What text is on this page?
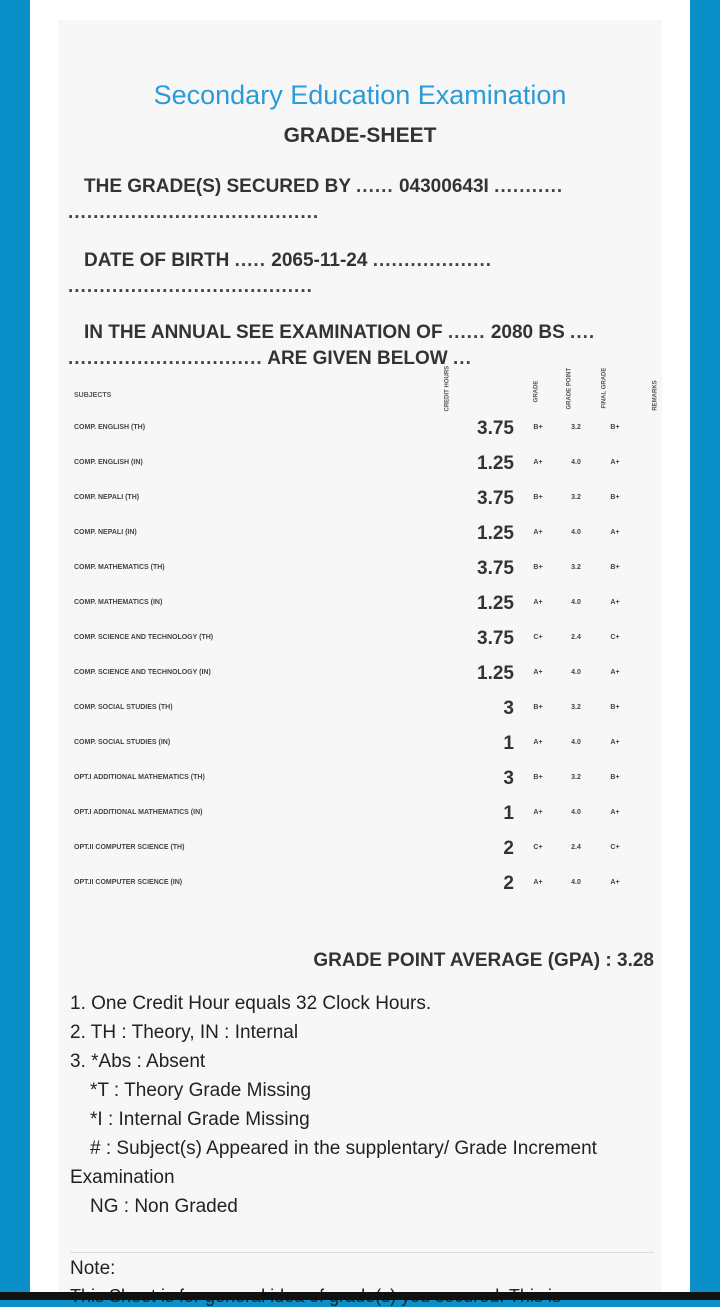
Secondary Education Examination
GRADE-SHEET
THE GRADE(S) SECURED BY ...... 04300643I ...........
........................................
DATE OF BIRTH ..... 2065-11-24 ...................
.......................................
IN THE ANNUAL SEE EXAMINATION OF ...... 2080 BS ....
............................... ARE GIVEN BELOW ...
SUBJECTS	CREDIT HOURS	GRADE	GRADE POINT	FINAL GRADE	REMARKS
COMP. ENGLISH (TH)	3.75	B+	3.2	B+
COMP. ENGLISH (IN)	1.25	A+	4.0	A+
COMP. NEPALI (TH)	3.75	B+	3.2	B+
COMP. NEPALI (IN)	1.25	A+	4.0	A+
COMP. MATHEMATICS (TH)	3.75	B+	3.2	B+
COMP. MATHEMATICS (IN)	1.25	A+	4.0	A+
COMP. SCIENCE AND TECHNOLOGY (TH)	3.75	C+	2.4	C+
COMP. SCIENCE AND TECHNOLOGY (IN)	1.25	A+	4.0	A+
COMP. SOCIAL STUDIES (TH)	3	B+	3.2	B+
COMP. SOCIAL STUDIES (IN)	1	A+	4.0	A+
OPT.I ADDITIONAL MATHEMATICS (TH)	3	B+	3.2	B+
OPT.I ADDITIONAL MATHEMATICS (IN)	1	A+	4.0	A+
OPT.II COMPUTER SCIENCE (TH)	2	C+	2.4	C+
OPT.II COMPUTER SCIENCE (IN)	2	A+	4.0	A+
GRADE POINT AVERAGE (GPA) : 3.28
1. One Credit Hour equals 32 Clock Hours.
2. TH : Theory, IN : Internal
3. *Abs : Absent
*T : Theory Grade Missing
*I : Internal Grade Missing
# : Subject(s) Appeared in the supplentary/ Grade Increment
Examination
NG : Non Graded
Note:
